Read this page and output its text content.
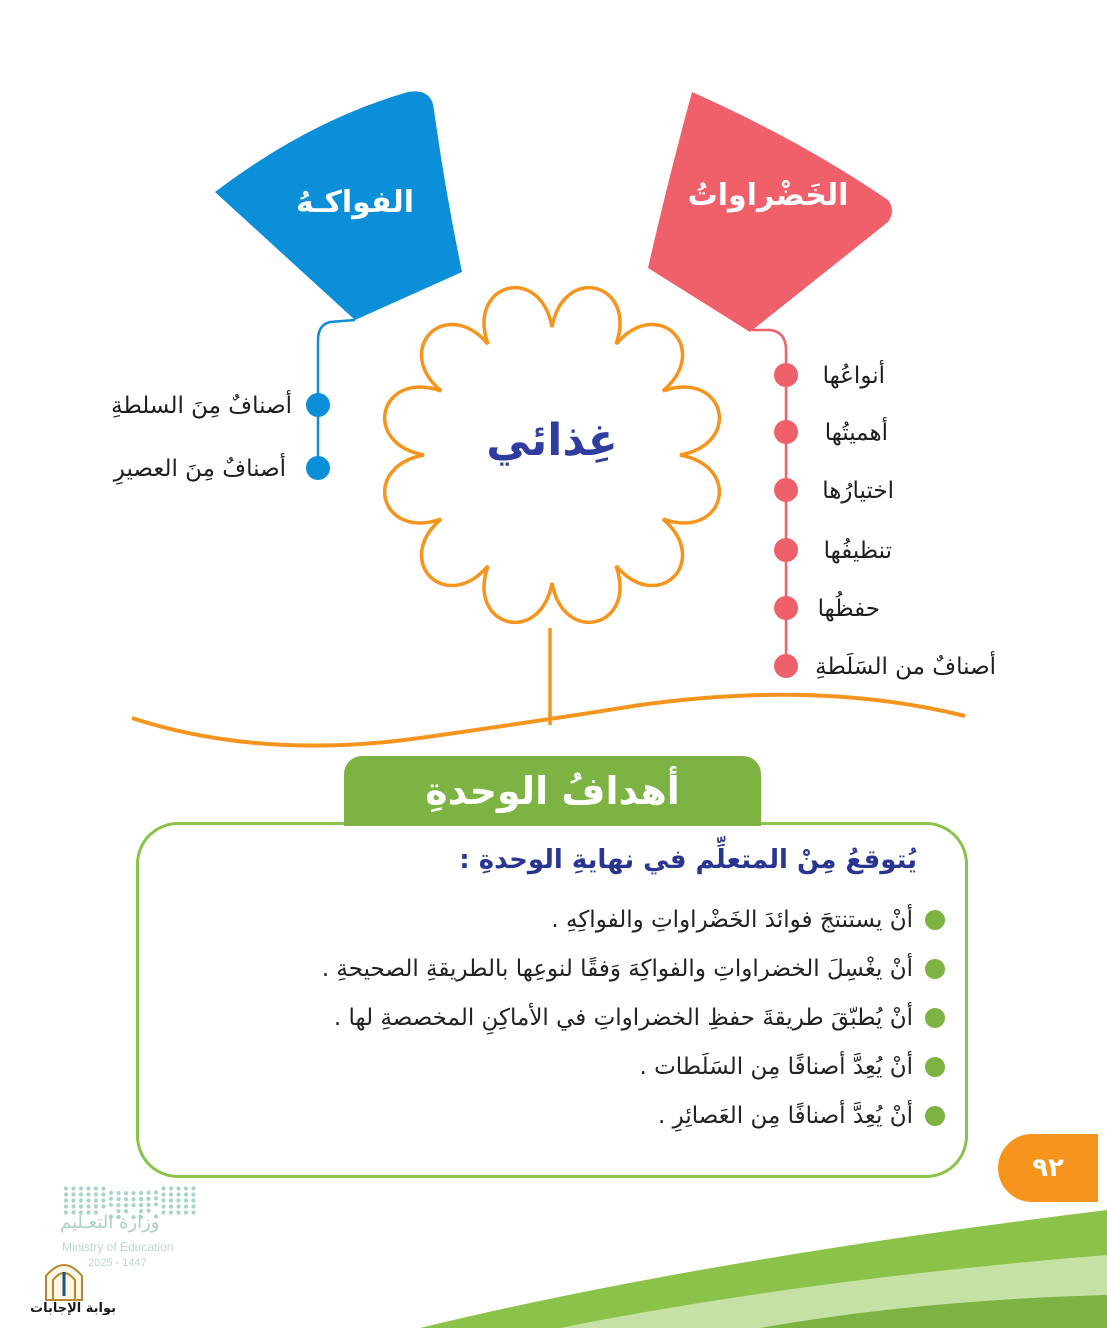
الفواكـهُ	الخَضْراواتُ
أصنافٌ مِنَ السلطةِ
أصنافٌ مِنَ العصيرِ
أنواعُها
أهميتُها
اختيارُها
تنظيفُها
حفظُها
أصنافٌ من السَلَطةِ
غِذائي
يُتوقعُ مِنْ المتعلِّم في نهايةِ الوحدةِ :
أنْ يستنتجَ فوائدَ الخَضْراواتِ والفواكِهِ .
أنْ يغْسِلَ الخضراواتِ والفواكِهَ وَفقًا لنوعِها بالطريقةِ الصحيحةِ .
أنْ يُطبّقَ طريقةَ حفظِ الخضراواتِ في الأماكِنِ المخصصةِ لها .
أنْ يُعِدَّ أصنافًا مِن السَلَطات .
أنْ يُعِدَّ أصنافًا مِن العَصائِرِ .
أهدافُ الوحدةِ
٩٢
وزارة التعـليم
Ministry of Education
2025 - 1447
بوابة الإجابات
